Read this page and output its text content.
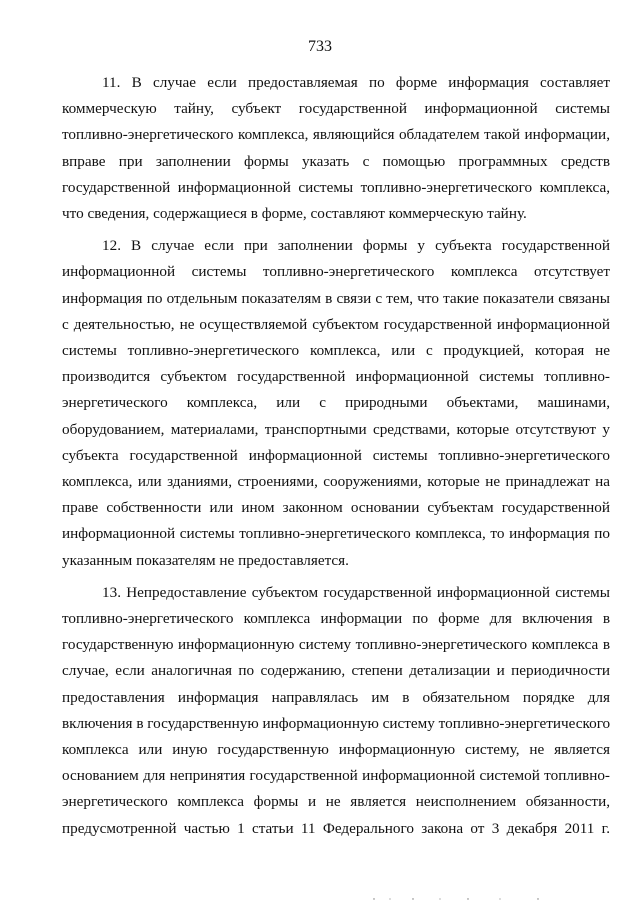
733
11. В случае если предоставляемая по форме информация составляет
коммерческую тайну, субъект государственной информационной системы
топливно-энергетического комплекса, являющийся обладателем такой информации,
вправе при заполнении формы указать с помощью программных средств
государственной информационной системы топливно-энергетического комплекса,
что сведения, содержащиеся в форме, составляют коммерческую тайну.
12. В случае если при заполнении формы у субъекта государственной
информационной системы топливно-энергетического комплекса отсутствует
информация по отдельным показателям в связи с тем, что такие показатели связаны
с деятельностью, не осуществляемой субъектом государственной информационной
системы топливно-энергетического комплекса, или с продукцией, которая не
производится субъектом государственной информационной системы топливно-
энергетического комплекса, или с природными объектами, машинами,
оборудованием, материалами, транспортными средствами, которые отсутствуют у
субъекта государственной информационной системы топливно-энергетического
комплекса, или зданиями, строениями, сооружениями, которые не принадлежат на
праве собственности или ином законном основании субъектам государственной
информационной системы топливно-энергетического комплекса, то информация по
указанным показателям не предоставляется.
13. Непредоставление субъектом государственной информационной системы
топливно-энергетического комплекса информации по форме для включения в
государственную информационную систему топливно-энергетического комплекса в
случае, если аналогичная по содержанию, степени детализации и периодичности
предоставления информация направлялась им в обязательном порядке для
включения в государственную информационную систему топливно-энергетического
комплекса или иную государственную информационную систему, не является
основанием для непринятия государственной информационной системой топливно-
энергетического комплекса формы и не является неисполнением обязанности,
предусмотренной частью 1 статьи 11 Федерального закона от 3 декабря 2011 г.
